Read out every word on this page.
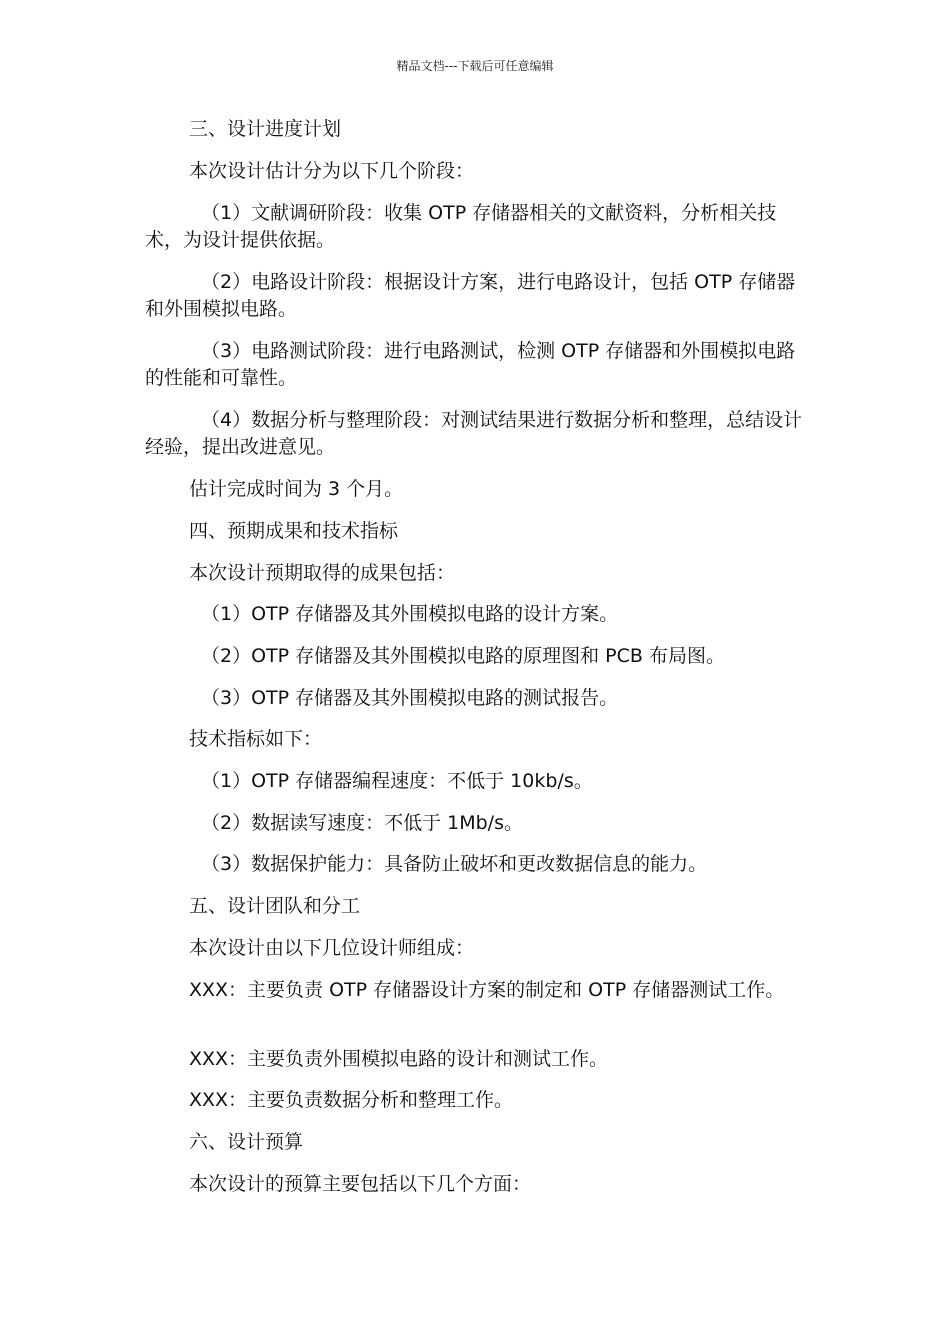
精品文档---下载后可任意编辑

三、设计进度计划

本次设计估计分为以下几个阶段：

（1）文献调研阶段：收集 OTP 存储器相关的文献资料，分析相关技术，为设计提供依据。

（2）电路设计阶段：根据设计方案，进行电路设计，包括 OTP 存储器和外围模拟电路。

（3）电路测试阶段：进行电路测试，检测 OTP 存储器和外围模拟电路的性能和可靠性。

（4）数据分析与整理阶段：对测试结果进行数据分析和整理，总结设计经验，提出改进意见。

估计完成时间为 3 个月。

四、预期成果和技术指标

本次设计预期取得的成果包括：

（1）OTP 存储器及其外围模拟电路的设计方案。

（2）OTP 存储器及其外围模拟电路的原理图和 PCB 布局图。

（3）OTP 存储器及其外围模拟电路的测试报告。

技术指标如下：

（1）OTP 存储器编程速度：不低于 10kb/s。

（2）数据读写速度：不低于 1Mb/s。

（3）数据保护能力：具备防止破坏和更改数据信息的能力。

五、设计团队和分工

本次设计由以下几位设计师组成：

XXX：主要负责 OTP 存储器设计方案的制定和 OTP 存储器测试工作。

XXX：主要负责外围模拟电路的设计和测试工作。

XXX：主要负责数据分析和整理工作。

六、设计预算

本次设计的预算主要包括以下几个方面：
